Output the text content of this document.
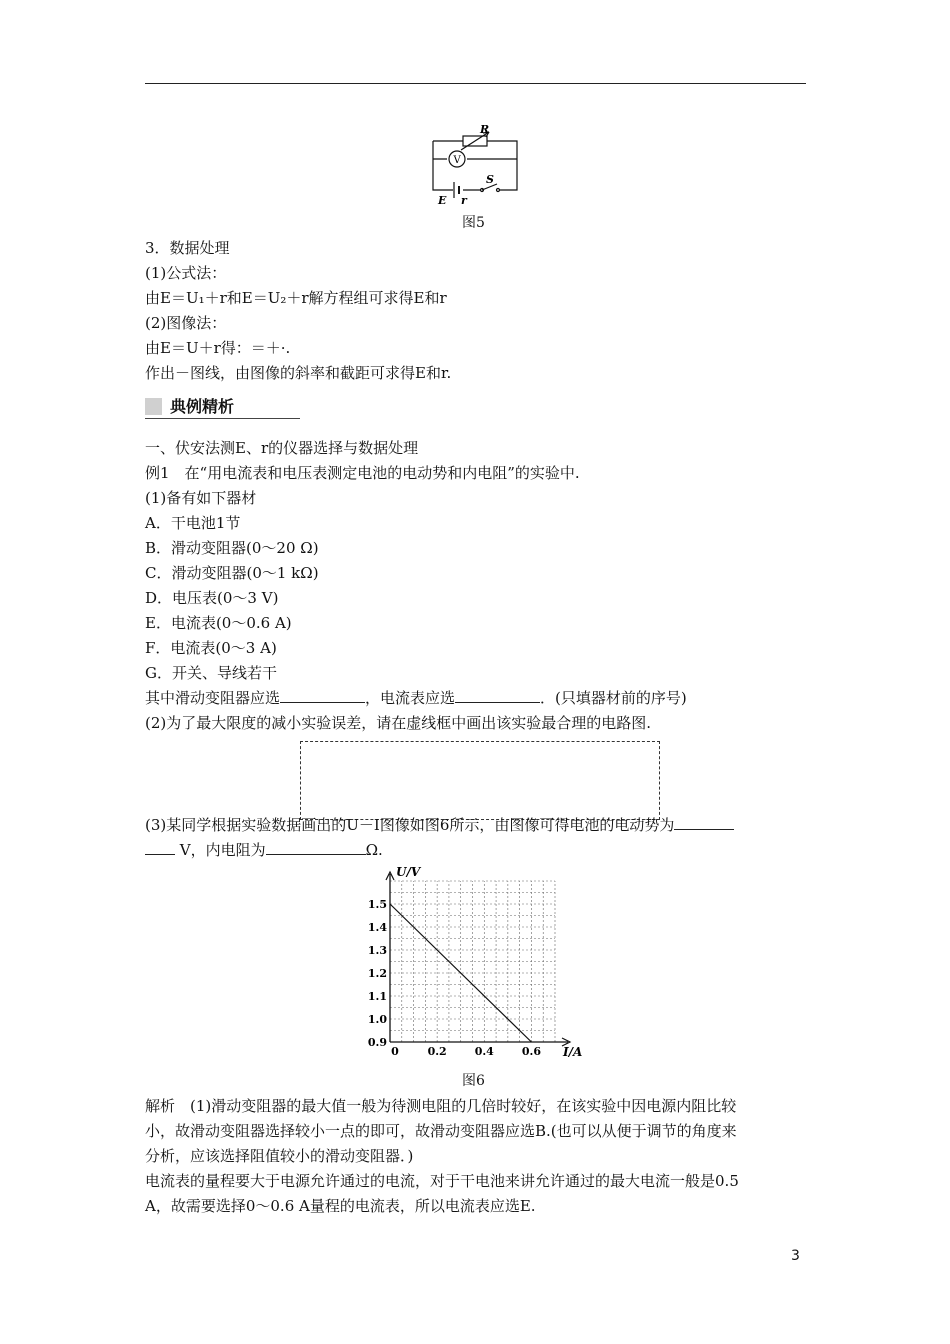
R
V
S
E r
图5
3．数据处理
(1)公式法：
由E＝U₁＋r和E＝U₂＋r解方程组可求得E和r
(2)图像法：
由E＝U＋r得：＝＋·.
作出－图线，由图像的斜率和截距可求得E和r.
典例精析
一、伏安法测E、r的仪器选择与数据处理
例1　在“用电流表和电压表测定电池的电动势和内电阻”的实验中.
(1)备有如下器材
A．干电池1节
B．滑动变阻器(0～20 Ω)
C．滑动变阻器(0～1 kΩ)
D．电压表(0～3 V)
E．电流表(0～0.6 A)
F．电流表(0～3 A)
G．开关、导线若干
其中滑动变阻器应选	，电流表应选	．(只填器材前的序号)
(2)为了最大限度的减小实验误差，请在虚线框中画出该实验最合理的电路图.
(3)某同学根据实验数据画出的U－I图像如图6所示，由图像可得电池的电动势为
V，内电阻为	Ω.
0.9
1.0
1.1
1.2
1.3
1.4
1.5
0	0.2	0.4	0.6
U/V
I/A
图6
解析　(1)滑动变阻器的最大值一般为待测电阻的几倍时较好，在该实验中因电源内阻比较
小，故滑动变阻器选择较小一点的即可，故滑动变阻器应选B.(也可以从便于调节的角度来
分析，应该选择阻值较小的滑动变阻器．)
电流表的量程要大于电源允许通过的电流，对于干电池来讲允许通过的最大电流一般是0.5
A，故需要选择0～0.6 A量程的电流表，所以电流表应选E.
3
